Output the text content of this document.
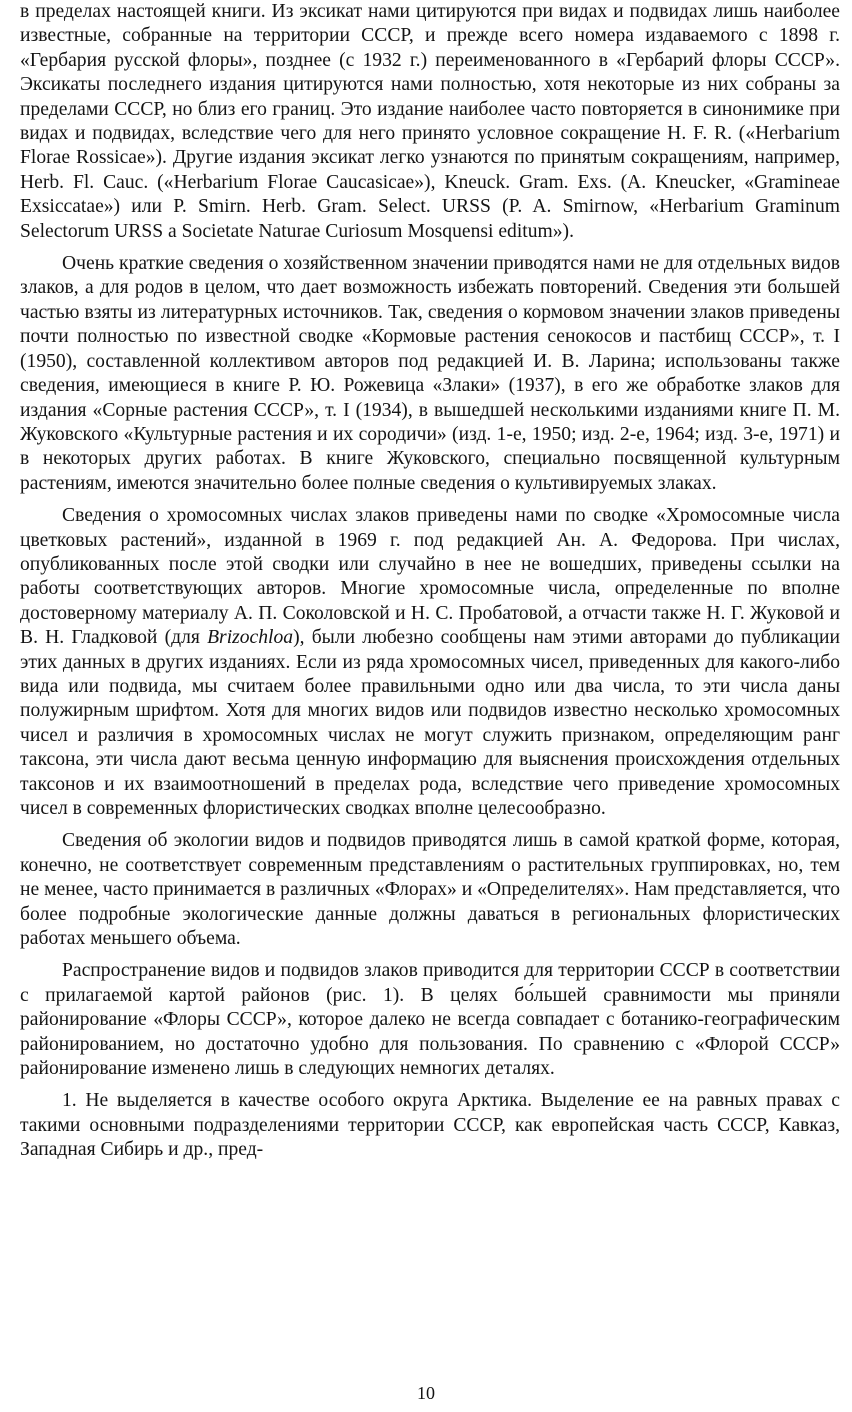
в пределах настоящей книги. Из эксикат нами цитируются при видах и подвидах лишь наиболее известные, собранные на территории СССР, и прежде всего номера издаваемого с 1898 г. «Гербария русской флоры», позднее (с 1932 г.) переименованного в «Гербарий флоры СССР». Эксикаты последнего издания цитируются нами полностью, хотя некоторые из них собраны за пределами СССР, но близ его границ. Это издание наиболее часто повторяется в синонимике при видах и подвидах, вследствие чего для него принято условное сокращение H. F. R. («Herbarium Florae Rossicae»). Другие издания эксикат легко узнаются по принятым сокращениям, например, Herb. Fl. Cauc. («Herbarium Florae Caucasicae»), Kneuck. Gram. Exs. (A. Kneucker, «Gramineae Exsiccatae») или P. Smirn. Herb. Gram. Select. URSS (P. A. Smirnow, «Herbarium Graminum Selectorum URSS a Societate Naturae Curiosum Mosquensi editum»).

Очень краткие сведения о хозяйственном значении приводятся нами не для отдельных видов злаков, а для родов в целом, что дает возможность избежать повторений. Сведения эти большей частью взяты из литературных источников. Так, сведения о кормовом значении злаков приведены почти полностью по известной сводке «Кормовые растения сенокосов и пастбищ СССР», т. I (1950), составленной коллективом авторов под редакцией И. В. Ларина; использованы также сведения, имеющиеся в книге Р. Ю. Рожевица «Злаки» (1937), в его же обработке злаков для издания «Сорные растения СССР», т. I (1934), в вышедшей несколькими изданиями книге П. М. Жуковского «Культурные растения и их сородичи» (изд. 1-е, 1950; изд. 2-е, 1964; изд. 3-е, 1971) и в некоторых других работах. В книге Жуковского, специально посвященной культурным растениям, имеются значительно более полные сведения о культивируемых злаках.

Сведения о хромосомных числах злаков приведены нами по сводке «Хромосомные числа цветковых растений», изданной в 1969 г. под редакцией Ан. А. Федорова. При числах, опубликованных после этой сводки или случайно в нее не вошедших, приведены ссылки на работы соответствующих авторов. Многие хромосомные числа, определенные по вполне достоверному материалу А. П. Соколовской и Н. С. Пробатовой, а отчасти также Н. Г. Жуковой и В. Н. Гладковой (для Brizochloa), были любезно сообщены нам этими авторами до публикации этих данных в других изданиях. Если из ряда хромосомных чисел, приведенных для какого-либо вида или подвида, мы считаем более правильными одно или два числа, то эти числа даны полужирным шрифтом. Хотя для многих видов или подвидов известно несколько хромосомных чисел и различия в хромосомных числах не могут служить признаком, определяющим ранг таксона, эти числа дают весьма ценную информацию для выяснения происхождения отдельных таксонов и их взаимоотношений в пределах рода, вследствие чего приведение хромосомных чисел в современных флористических сводках вполне целесообразно.

Сведения об экологии видов и подвидов приводятся лишь в самой краткой форме, которая, конечно, не соответствует современным представлениям о растительных группировках, но, тем не менее, часто принимается в различных «Флорах» и «Определителях». Нам представляется, что более подробные экологические данные должны даваться в региональных флористических работах меньшего объема.

Распространение видов и подвидов злаков приводится для территории СССР в соответствии с прилагаемой картой районов (рис. 1). В целях бо́льшей сравнимости мы приняли районирование «Флоры СССР», которое далеко не всегда совпадает с ботанико-географическим районированием, но достаточно удобно для пользования. По сравнению с «Флорой СССР» районирование изменено лишь в следующих немногих деталях.

1. Не выделяется в качестве особого округа Арктика. Выделение ее на равных правах с такими основными подразделениями территории СССР, как европейская часть СССР, Кавказ, Западная Сибирь и др., пред-

10
